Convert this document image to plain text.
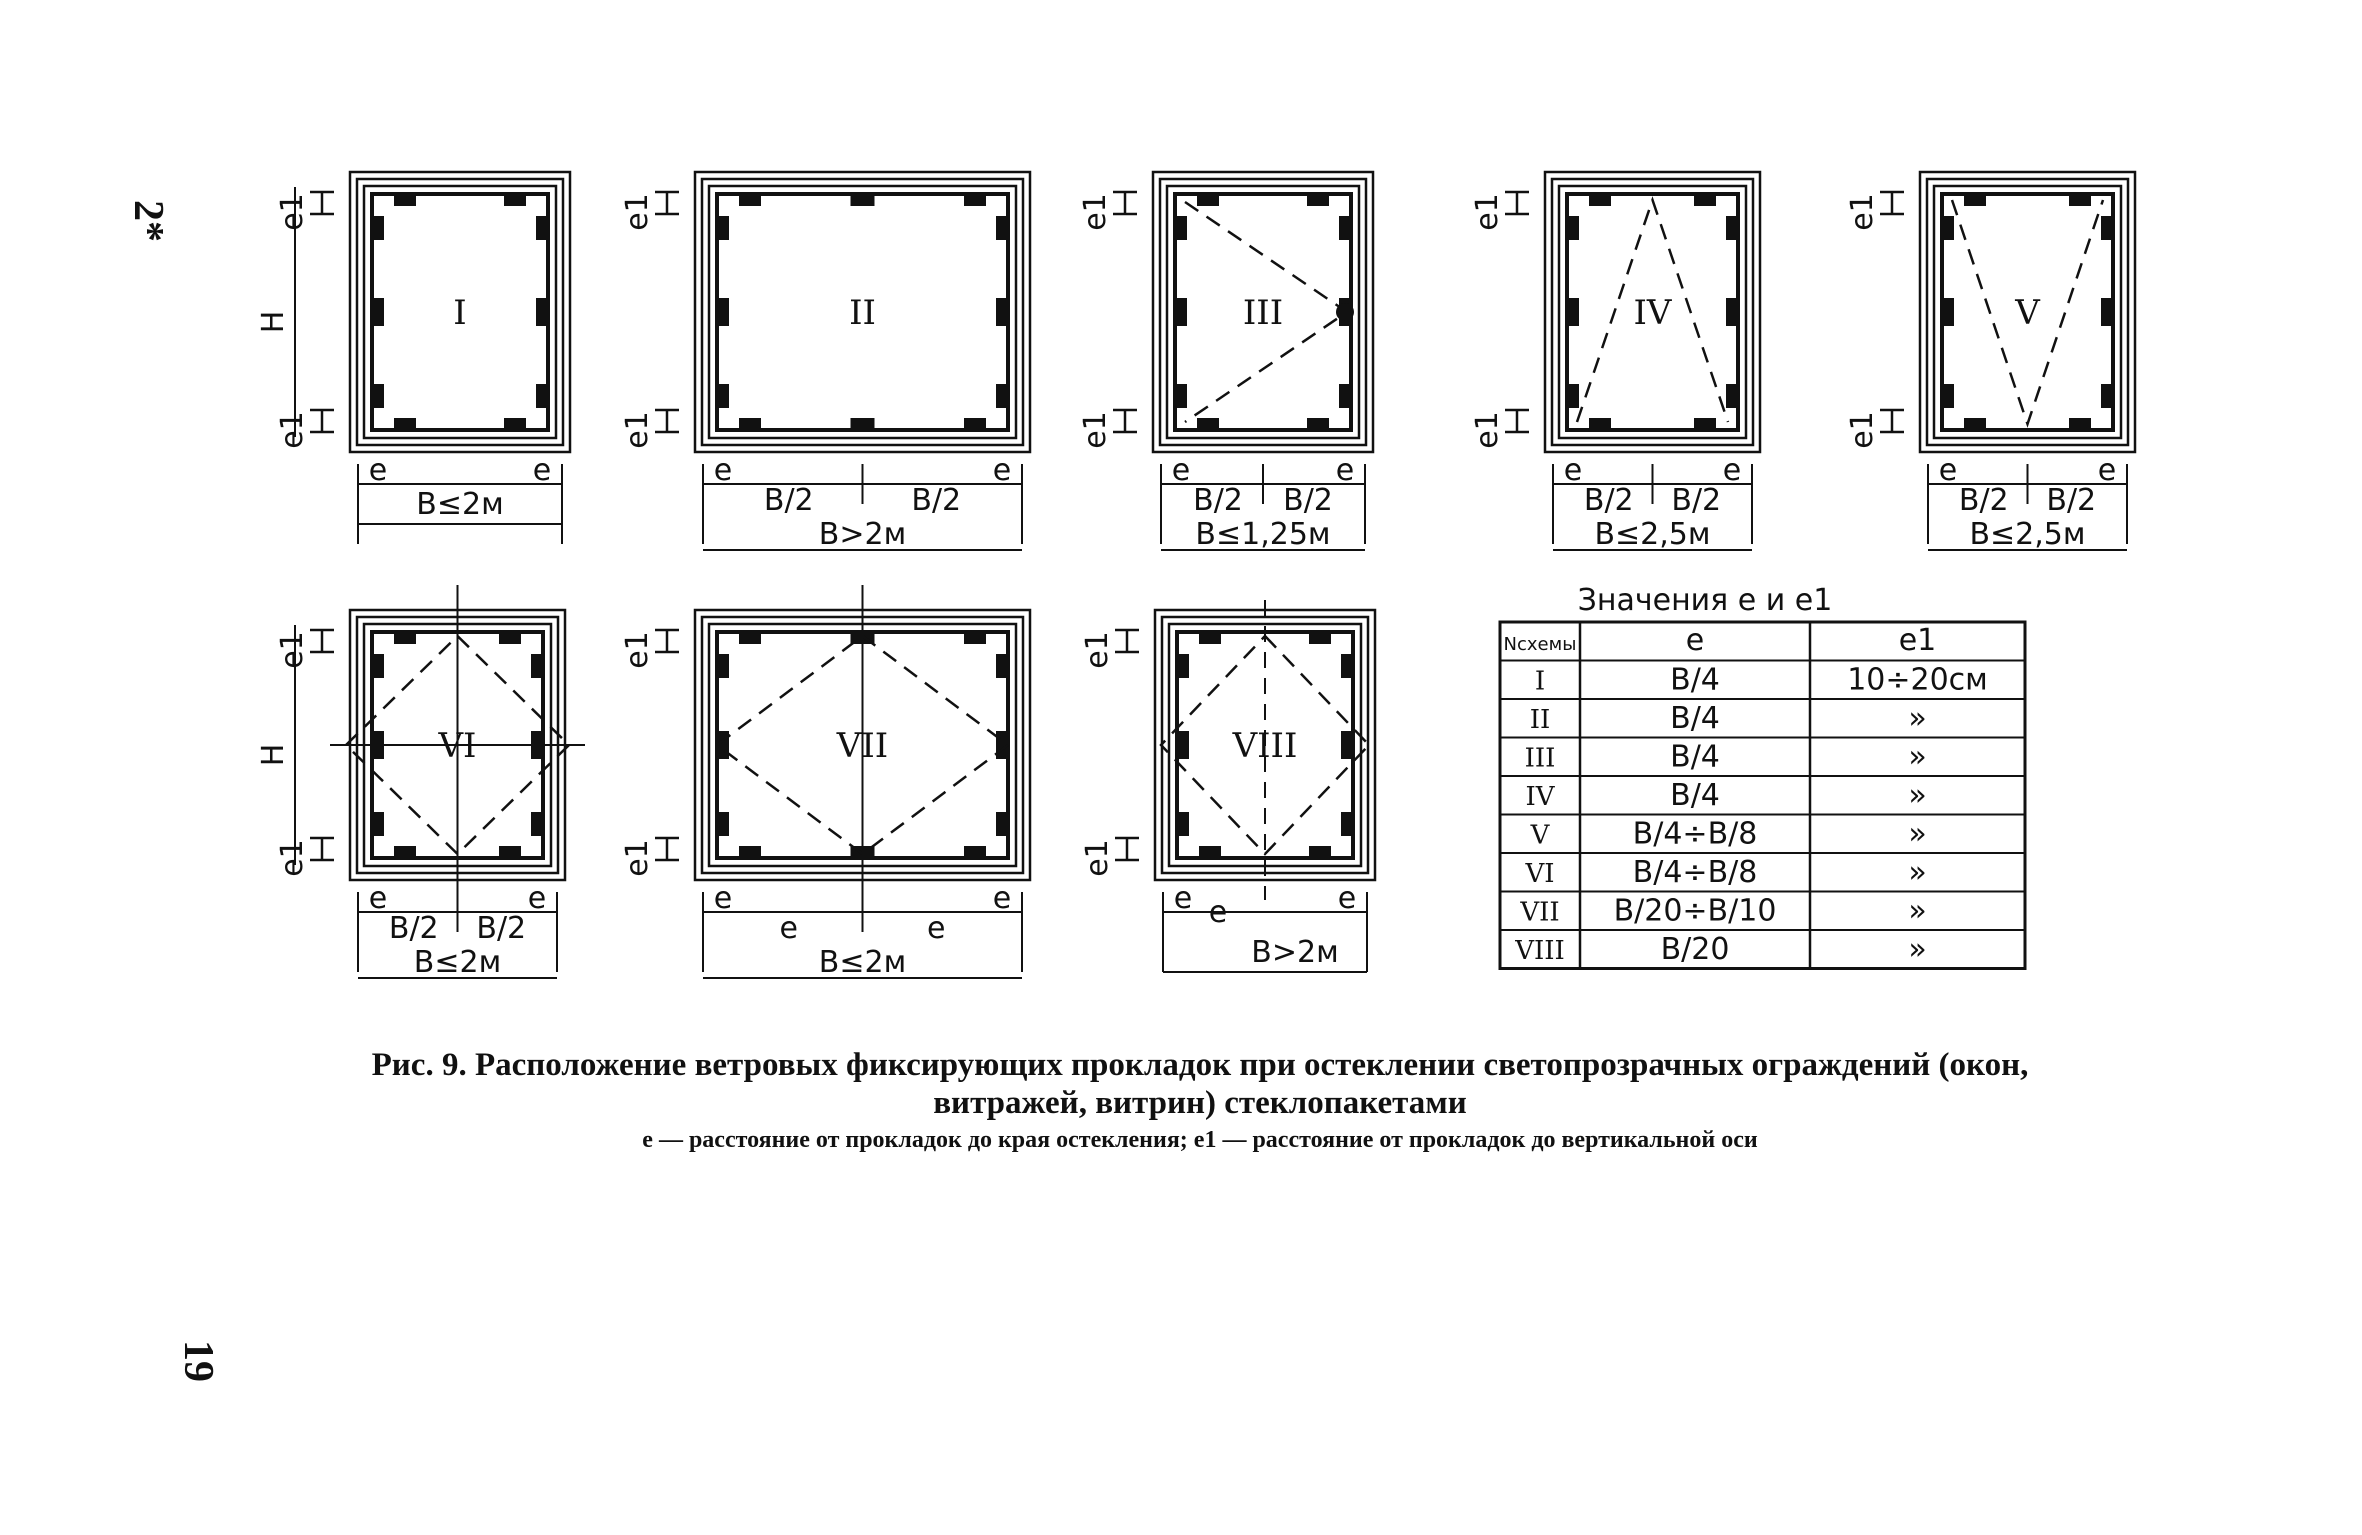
I
e1
e1
H
e	e
B≤2м
II
e1
e1
e	e
B/2	B/2
B>2м
III
e1
e1
e	e
B/2 B/2
B≤1,25м
IV
e1
e1
e	e
B/2 B/2
B≤2,5м
V
e1
e1
e	e
B/2 B/2
B≤2,5м
VI
e1
e1
H
e	e
B/2 B/2
B≤2м
VII
e1
e1
e	e
e	e
B≤2м
VIII
e1
e1
e	e
e
B>2м
Значения e и e1
Nсхемы	e	e1
I	B/4	10÷20см
II	B/4	»
III	B/4	»
IV	B/4	»
V	B/4÷B/8	»
VI	B/4÷B/8	»
VII B/20÷B/10	»
VIII	B/20	»
2*
19

Рис. 9. Расположение ветровых фиксирующих прокладок при остеклении светопрозрачных ограждений (окон,
витражей, витрин) стеклопакетами

e — расстояние от прокладок до края остекления; e1 — расстояние от прокладок до вертикальной оси
